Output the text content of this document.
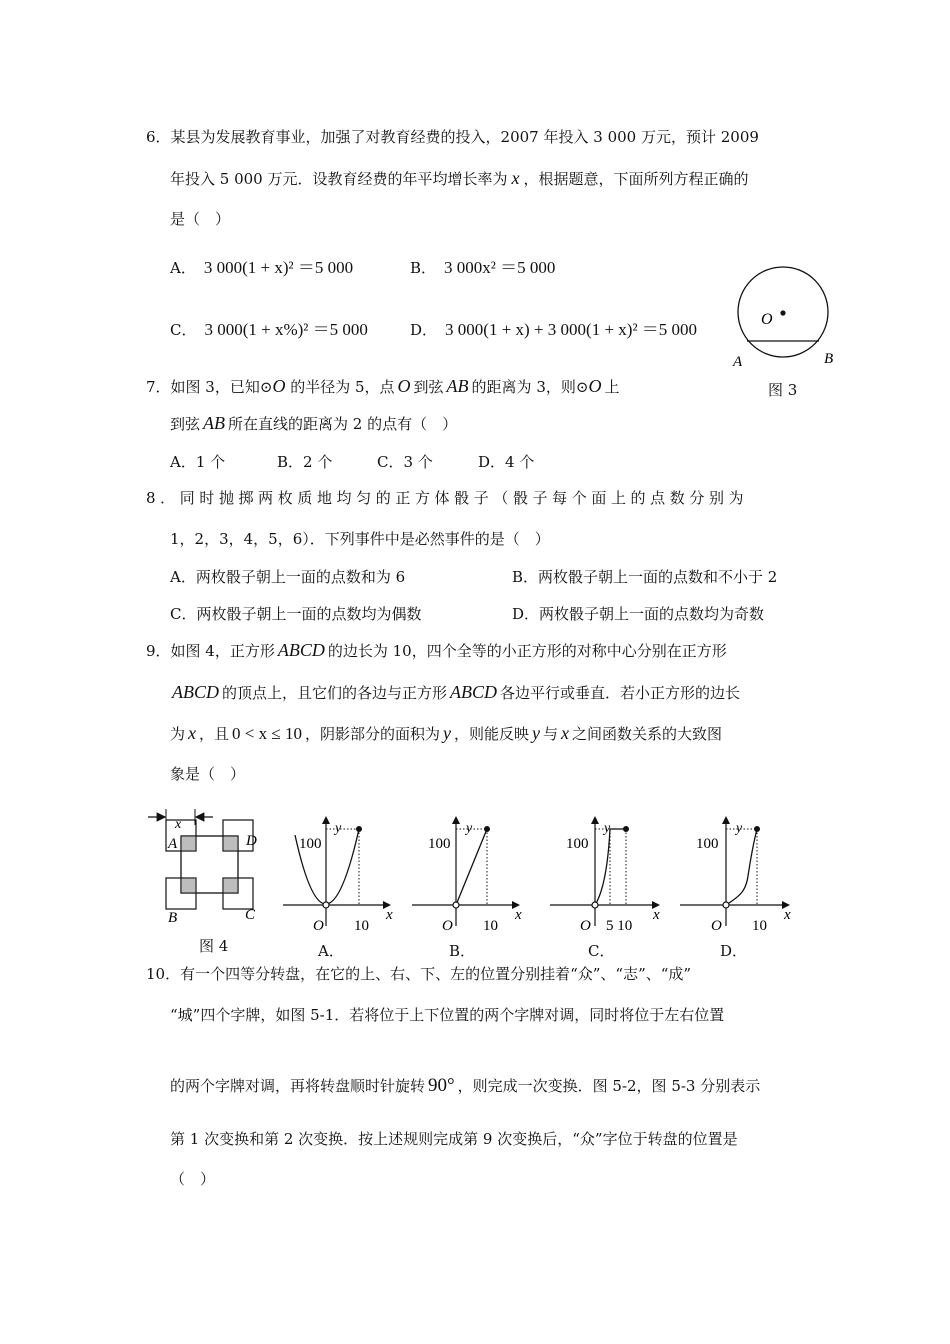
6．某县为发展教育事业，加强了对教育经费的投入，2007 年投入 3 000 万元，预计 2009
年投入 5 000 万元．设教育经费的年平均增长率为 x ，根据题意，下面所列方程正确的
是（　）
A． 3 000(1 + x)² ＝5 000	B． 3 000x² ＝5 000
C． 3 000(1 + x%)² ＝5 000	D． 3 000(1 + x) + 3 000(1 + x)² ＝5 000
O
A	B
图 3
7．如图 3，已知⊙O 的半径为 5，点 O 到弦 AB 的距离为 3，则⊙O 上
到弦 AB 所在直线的距离为 2 的点有（　）
A．1 个	B．2 个	C．3 个	D．4 个
8．同时抛掷两枚质地均匀的正方体骰子（骰子每个面上的点数分别为
1，2，3，4，5，6）．下列事件中是必然事件的是（　）
A．两枚骰子朝上一面的点数和为 6	B．两枚骰子朝上一面的点数和不小于 2
C．两枚骰子朝上一面的点数均为偶数	D．两枚骰子朝上一面的点数均为奇数
9．如图 4，正方形 ABCD 的边长为 10，四个全等的小正方形的对称中心分别在正方形
ABCD 的顶点上，且它们的各边与正方形 ABCD 各边平行或垂直．若小正方形的边长
为 x ，且 0 < x ≤ 10 ，阴影部分的面积为 y ，则能反映 y 与 x 之间函数关系的大致图
象是（　）
x
A	D
B	C
图 4
100
10
O
x
y
A．
100
10
O
x
y
B．
100
5 10
O
x
y
C．
100
10
O
x
y
D．
10．有一个四等分转盘，在它的上、右、下、左的位置分别挂着“众”、“志”、“成”
“城”四个字牌，如图 5-1．若将位于上下位置的两个字牌对调，同时将位于左右位置
的两个字牌对调，再将转盘顺时针旋转 90° ，则完成一次变换．图 5-2，图 5-3 分别表示
第 1 次变换和第 2 次变换．按上述规则完成第 9 次变换后，“众”字位于转盘的位置是
（　）
